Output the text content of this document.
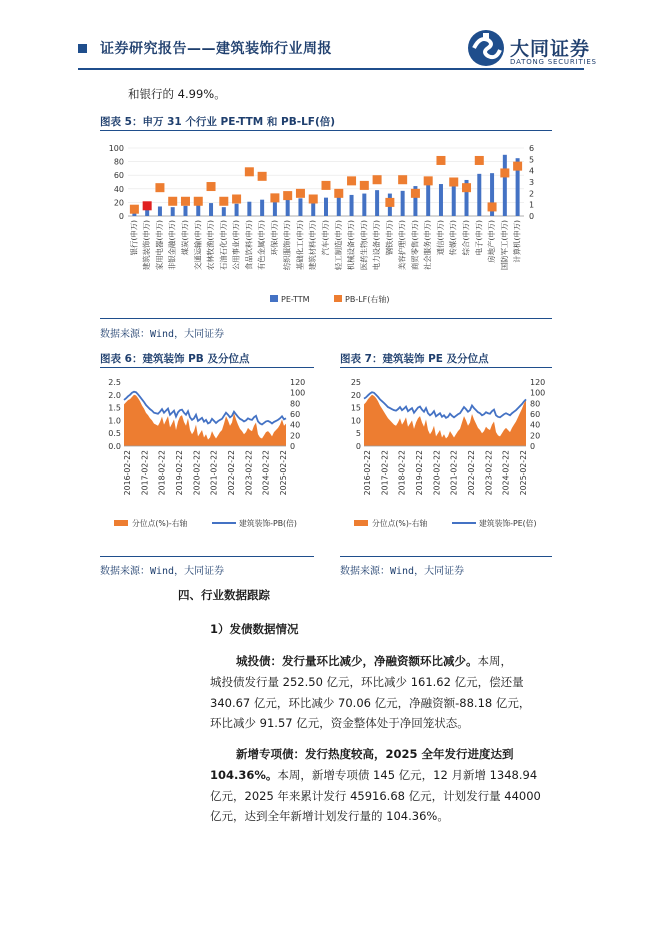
证券研究报告——建筑装饰行业周报	大同证券
DATONG SECURITIES
和银行的 4.99%。
图表 5：申万 31 个行业 PE-TTM 和 PB-LF(倍)
0
20
40
60
80
100
0
1
2
3
4
5
6
银行(申万) 建筑装饰(申万) 家用电器(申万) 非银金融(申万) 煤炭(申万) 交通运输(申万) 农林牧渔(申万) 石油石化(申万) 公用事业(申万) 食品饮料(申万) 有色金属(申万) 环保(申万) 纺织服饰(申万) 基础化工(申万) 建筑材料(申万) 汽车(申万) 轻工制造(申万) 机械设备(申万) 医药生物(申万) 电力设备(申万) 钢铁(申万) 美容护理(申万) 商贸零售(申万) 社会服务(申万) 通信(申万) 传媒(申万) 综合(申万) 电子(申万) 房地产(申万) 国防军工(申万) 计算机(申万)
PE-TTM	PB-LF(右轴)
数据来源：Wind，大同证券
图表 6：建筑装饰 PB 及分位点
0.0
0.5
1.0
1.5
2.0
2.5
0
20
40
60
80
100
120
2016-02-22 2017-02-22 2018-02-22 2019-02-22 2020-02-22 2021-02-22 2022-02-22 2023-02-22 2024-02-22 2025-02-22
分位点(%)-右轴	建筑装饰-PB(倍)
数据来源：Wind，大同证券
图表 7：建筑装饰 PE 及分位点
0
5
10
15
20
25
0
20
40
60
80
100
120
2016-02-22 2017-02-22 2018-02-22 2019-02-22 2020-02-22 2021-02-22 2022-02-22 2023-02-22 2024-02-22 2025-02-22
分位点(%)-右轴	建筑装饰-PE(倍)
数据来源：Wind，大同证券
四、行业数据跟踪
1）发债数据情况
城投债：发行量环比减少，净融资额环比减少。本周，
城投债发行量 252.50 亿元，环比减少 161.62 亿元，偿还量
340.67 亿元，环比减少 70.06 亿元，净融资额-88.18 亿元，
环比减少 91.57 亿元，资金整体处于净回笼状态。
新增专项债：发行热度较高，2025 全年发行进度达到
104.36%。本周，新增专项债 145 亿元，12 月新增 1348.94
亿元，2025 年来累计发行 45916.68 亿元，计划发行量 44000
亿元，达到全年新增计划发行量的 104.36%。
